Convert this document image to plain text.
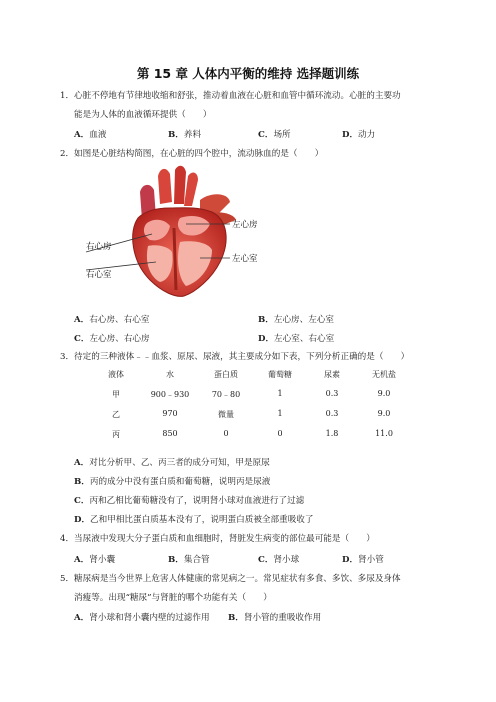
第 15 章 人体内平衡的维持 选择题训练
1．心脏不停地有节律地收缩和舒张，推动着血液在心脏和血管中循环流动。心脏的主要功
能是为人体的血液循环提供（　　）
A．血液	B．养料	C．场所	D．动力
2．如图是心脏结构简图，在心脏的四个腔中，流动脉血的是（　　）
左心房
左心室
右心房
右心室
A．右心房、右心室	B．左心房、左心室
C．左心房、右心房	D．左心室、右心室
3．待定的三种液体﹣﹣血浆、原尿、尿液，其主要成分如下表，下列分析正确的是（　　）
液体	水	蛋白质	葡萄糖	尿素	无机盐
甲	900﹣930	70﹣80	1	0.3	9.0
乙	970	微量	1	0.3	9.0
丙	850	0	0	1.8	11.0
A．对比分析甲、乙、丙三者的成分可知，甲是原尿
B．丙的成分中没有蛋白质和葡萄糖，说明丙是尿液
C．丙和乙相比葡萄糖没有了，说明肾小球对血液进行了过滤
D．乙和甲相比蛋白质基本没有了，说明蛋白质被全部重吸收了
4．当尿液中发现大分子蛋白质和血细胞时，肾脏发生病变的部位最可能是（　　）
A．肾小囊	B．集合管	C．肾小球	D．肾小管
5．糖尿病是当今世界上危害人体健康的常见病之一。常见症状有多食、多饮、多尿及身体
消瘦等。出现“糖尿”与肾脏的哪个功能有关（　　）
A．肾小球和肾小囊内壁的过滤作用 B．肾小管的重吸收作用
